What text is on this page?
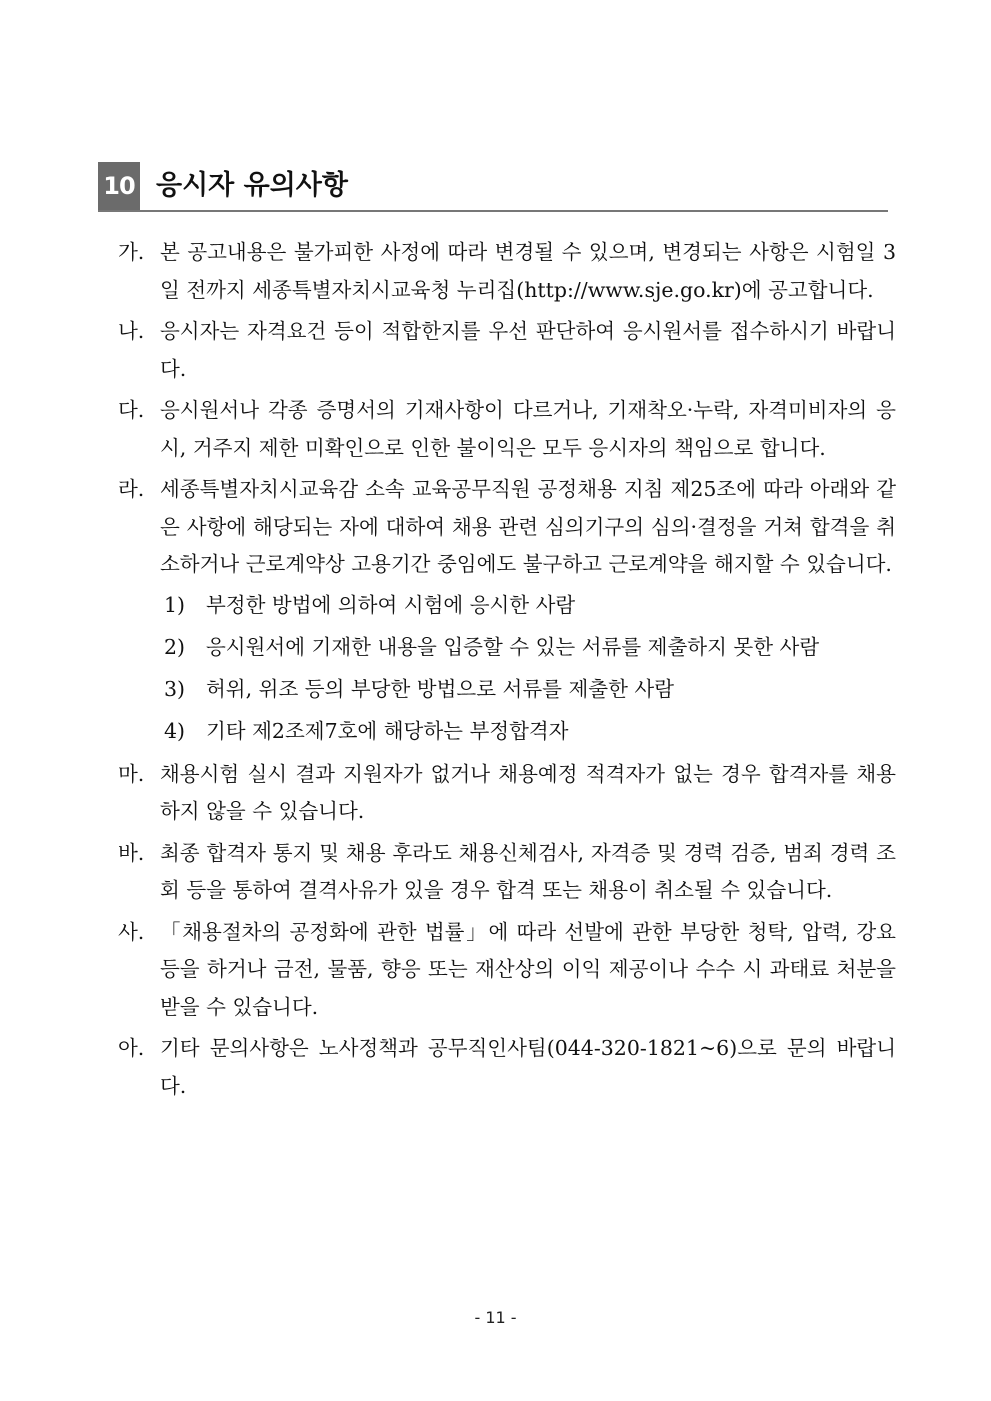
10 응시자 유의사항
가. 본 공고내용은 불가피한 사정에 따라 변경될 수 있으며, 변경되는 사항은 시험일 3일 전까지 세종특별자치시교육청 누리집(http://www.sje.go.kr)에 공고합니다.
나. 응시자는 자격요건 등이 적합한지를 우선 판단하여 응시원서를 접수하시기 바랍니다.
다. 응시원서나 각종 증명서의 기재사항이 다르거나, 기재착오·누락, 자격미비자의 응시, 거주지 제한 미확인으로 인한 불이익은 모두 응시자의 책임으로 합니다.
라. 세종특별자치시교육감 소속 교육공무직원 공정채용 지침 제25조에 따라 아래와 같은 사항에 해당되는 자에 대하여 채용 관련 심의기구의 심의·결정을 거쳐 합격을 취소하거나 근로계약상 고용기간 중임에도 불구하고 근로계약을 해지할 수 있습니다.
1) 부정한 방법에 의하여 시험에 응시한 사람
2) 응시원서에 기재한 내용을 입증할 수 있는 서류를 제출하지 못한 사람
3) 허위, 위조 등의 부당한 방법으로 서류를 제출한 사람
4) 기타 제2조제7호에 해당하는 부정합격자
마. 채용시험 실시 결과 지원자가 없거나 채용예정 적격자가 없는 경우 합격자를 채용하지 않을 수 있습니다.
바. 최종 합격자 통지 및 채용 후라도 채용신체검사, 자격증 및 경력 검증, 범죄 경력 조회 등을 통하여 결격사유가 있을 경우 합격 또는 채용이 취소될 수 있습니다.
사. 「채용절차의 공정화에 관한 법률」에 따라 선발에 관한 부당한 청탁, 압력, 강요 등을 하거나 금전, 물품, 향응 또는 재산상의 이익 제공이나 수수 시 과태료 처분을 받을 수 있습니다.
아. 기타 문의사항은 노사정책과 공무직인사팀(044-320-1821~6)으로 문의 바랍니다.
- 11 -
